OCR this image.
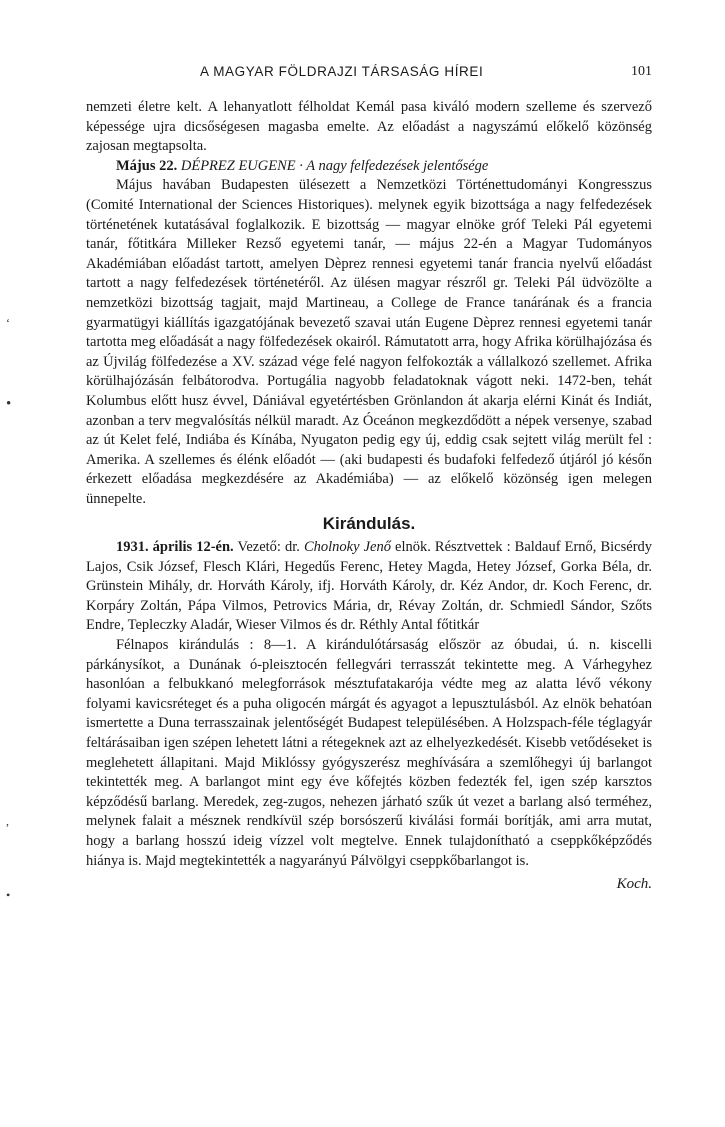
‘
•
,
•
A MAGYAR FÖLDRAJZI TÁRSASÁG HÍREI	101

nemzeti életre kelt. A lehanyatlott félholdat Kemál pasa kiváló modern szelleme és szervező képessége ujra dicsőségesen magasba emelte. Az előadást a nagyszámú előkelő közönség zajosan megtapsolta.

Május 22. DÉPREZ EUGENE · A nagy felfedezések jelentősége

Május havában Budapesten ülésezett a Nemzetközi Történettudományi Kongresszus (Comité International der Sciences Historiques). melynek egyik bizottsága a nagy felfedezések történetének kutatásával foglalkozik. E bizottság — magyar elnöke gróf Teleki Pál egyetemi tanár, főtitkára Milleker Rezső egyetemi tanár, — május 22-én a Magyar Tudományos Akadémiában előadást tartott, amelyen Dèprez rennesi egyetemi tanár francia nyelvű előadást tartott a nagy felfedezések történetéről. Az ülésen magyar részről gr. Teleki Pál üdvözölte a nemzetközi bizottság tagjait, majd Martineau, a College de France tanárának és a francia gyarmatügyi kiállítás igazgatójának bevezető szavai után Eugene Dèprez rennesi egyetemi tanár tartotta meg előadását a nagy fölfedezések okairól. Rámutatott arra, hogy Afrika körülhajózása és az Újvilág fölfedezése a XV. század vége felé nagyon felfokozták a vállalkozó szellemet. Afrika körülhajózásán felbátorodva. Portugália nagyobb feladatoknak vágott neki. 1472-ben, tehát Kolumbus előtt husz évvel, Dániával egyetértésben Grönlandon át akarja elérni Kinát és Indiát, azonban a terv megvalósítás nélkül maradt. Az Óceánon megkezdődött a népek versenye, szabad az út Kelet felé, Indiába és Kínába, Nyugaton pedig egy új, eddig csak sejtett világ merült fel : Amerika. A szellemes és élénk előadót — (aki budapesti és budafoki felfedező útjáról jó későn érkezett előadása megkezdésére az Akadémiába) — az előkelő közönség igen melegen ünnepelte.

Kirándulás.

1931. április 12-én. Vezető: dr. Cholnoky Jenő elnök. Résztvettek : Baldauf Ernő, Bicsérdy Lajos, Csik József, Flesch Klári, Hegedűs Ferenc, Hetey Magda, Hetey József, Gorka Béla, dr. Grünstein Mihály, dr. Horváth Károly, ifj. Horváth Károly, dr. Kéz Andor, dr. Koch Ferenc, dr. Korpáry Zoltán, Pápa Vilmos, Petrovics Mária, dr, Révay Zoltán, dr. Schmiedl Sándor, Szőts Endre, Tepleczky Aladár, Wieser Vilmos és dr. Réthly Antal főtitkár

Félnapos kirándulás : 8—1. A kirándulótársaság először az óbudai, ú. n. kiscelli párkánysíkot, a Dunának ó-pleisztocén fellegvári terrasszát tekintette meg. A Várhegyhez hasonlóan a felbukkanó melegforrások mésztufatakarója védte meg az alatta lévő vékony folyami kavicsréteget és a puha oligocén márgát és agyagot a lepusztulásból. Az elnök behatóan ismertette a Duna terrasszainak jelentőségét Budapest településében. A Holzspach-féle téglagyár feltárásaiban igen szépen lehetett látni a rétegeknek azt az elhelyezkedését. Kisebb vetődéseket is meglehetett állapitani. Majd Miklóssy gyógyszerész meghívására a szemlőhegyi új barlangot tekintették meg. A barlangot mint egy éve kőfejtés közben fedezték fel, igen szép karsztos képződésű barlang. Meredek, zeg-zugos, nehezen járható szűk út vezet a barlang alsó terméhez, melynek falait a mésznek rendkívül szép borsószerű kiválási formái borítják, ami arra mutat, hogy a barlang hosszú ideig vízzel volt megtelve. Ennek tulajdonítható a cseppkőképződés hiánya is. Majd megtekintették a nagyarányú Pálvölgyi cseppkőbarlangot is.

Koch.
